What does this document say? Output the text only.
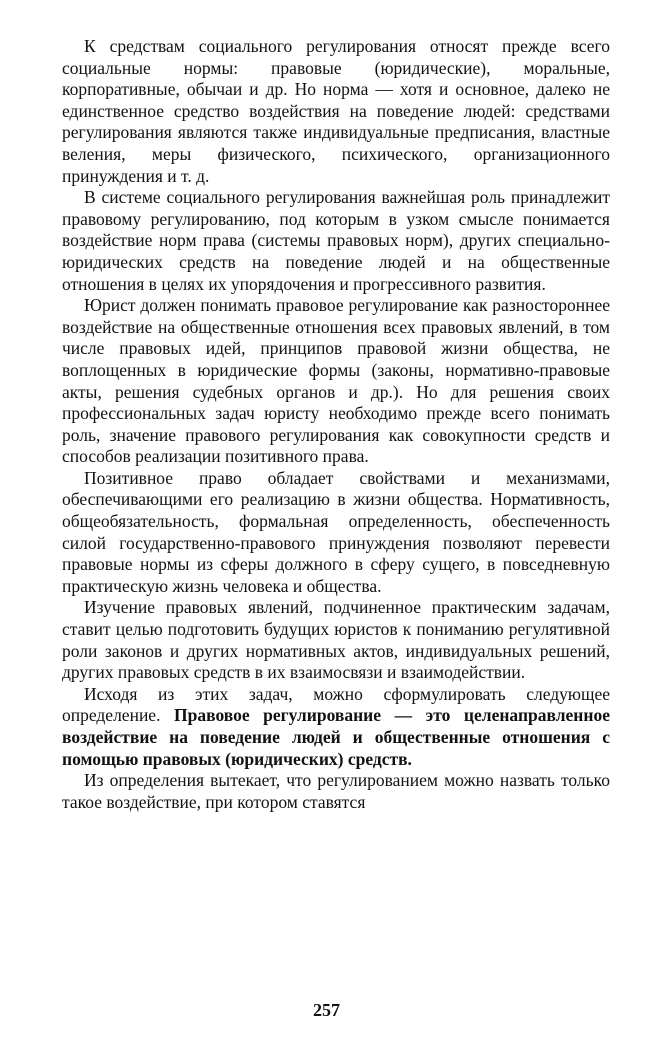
К средствам социального регулирования относят прежде всего социальные нормы: правовые (юридические), моральные, корпоративные, обычаи и др. Но норма — хотя и основное, далеко не единственное средство воздействия на поведение людей: средствами регулирования являются также индивидуальные предписания, властные веления, меры физического, психического, организационного принуждения и т. д.

В системе социального регулирования важнейшая роль принадлежит правовому регулированию, под которым в узком смысле понимается воздействие норм права (системы правовых норм), других специально-юридических средств на поведение людей и на общественные отношения в целях их упорядочения и прогрессивного развития.

Юрист должен понимать правовое регулирование как разностороннее воздействие на общественные отношения всех правовых явлений, в том числе правовых идей, принципов правовой жизни общества, не воплощенных в юридические формы (законы, нормативно-правовые акты, решения судебных органов и др.). Но для решения своих профессиональных задач юристу необходимо прежде всего понимать роль, значение правового регулирования как совокупности средств и способов реализации позитивного права.

Позитивное право обладает свойствами и механизмами, обеспечивающими его реализацию в жизни общества. Нормативность, общеобязательность, формальная определенность, обеспеченность силой государственно-правового принуждения позволяют перевести правовые нормы из сферы должного в сферу сущего, в повседневную практическую жизнь человека и общества.

Изучение правовых явлений, подчиненное практическим задачам, ставит целью подготовить будущих юристов к пониманию регулятивной роли законов и других нормативных актов, индивидуальных решений, других правовых средств в их взаимосвязи и взаимодействии.

Исходя из этих задач, можно сформулировать следующее определение. Правовое регулирование — это целенаправленное воздействие на поведение людей и общественные отношения с помощью правовых (юридических) средств.

Из определения вытекает, что регулированием можно назвать только такое воздействие, при котором ставятся

257
